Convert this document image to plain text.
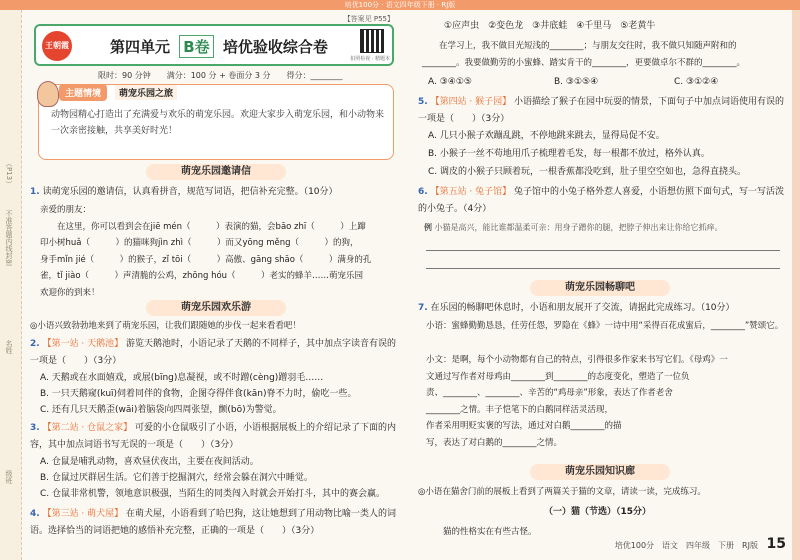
培优100分 · 语文四年级下册 · RJ版
（P13）
不准答题内线封密
名姓
级班
【答案见 P55】
王朝霞	第四单元 B卷 培优验收综合卷
拍照检视 · 精题本
限时：90 分钟　　满分：100 分 + 卷面分 3 分　　得分：________
主题情境	萌宠乐园之旅
动物园精心打造出了充满爱与欢乐的萌宠乐园。欢迎大家步入萌宠乐园，和小动物来一次亲密接触，共享美好时光！
萌宠乐园邀请信
1. 读萌宠乐园的邀请信，认真看拼音，规范写词语，把信补充完整。（10分）
亲爱的朋友：
　　在这里，你可以看到会在jiē mén（　　　）表演的猫，会bāo zhī（　　　）上蹿
印小树huǎ（　　　）的猫咪狗jìn zhì（　　　）而又yōng měng（　　　）的狗，
身手mǐn jié（　　　）的猴子，zǐ tōi（　　　）高傲、gāng shāo（　　　）满身的孔
雀，tǐ jiào（　　　）声清脆的公鸡，zhōng hóu（　　　）老实的蜂羊……萌宠乐园
欢迎你的到来！
萌宠乐园欢乐游
◎小语兴致勃勃地来到了萌宠乐园，让我们跟随她的步伐一起来看看吧！
2. 【第一站 · 天鹅池】 游览天鹅池时，小语记录了天鹅的不同样子，其中加点字读音有误的一项是（　　）（3分）
A. 天鹅或在水面嬉戏，或展(bīng)息凝视，或不时蹭(cèng)蹭羽毛……
B. 一只天鹅窥(kuī)伺着同伴的食物，企图夺得伴食(kān)脊不力时，偷吃一些。
C. 还有几只天鹅歪(wāi)着脑袋向四周张望，颤(bō)为警觉。
3. 【第二站 · 仓鼠之家】 可爱的小仓鼠吸引了小语，小语根据展板上的介绍记录了下面的内容，其中加点词语书写无误的一项是（　　）（3分）
A. 仓鼠是哺乳动物，喜欢昼伏夜出，主要在夜间活动。
B. 仓鼠过厌群居生活。它们善于挖掘洞穴，经常会躲在洞穴中睡觉。
C. 仓鼠非常机警，领地意识极强，当陌生的同类闯入时就会开始打斗，其中的赛会赢。
4. 【第三站 · 萌犬屋】 在萌犬屋，小语看到了哈巴狗，这让她想到了用动物比喻一类人的词语。选择恰当的词语把她的感悟补充完整，正确的一项是（　　）（3分）
①应声虫　②变色龙　③井底蛙　④千里马　⑤老黄牛
　　在学习上，我不做目光短浅的________；与朋友交往时，我不做只知随声附和的
________。我要做勤劳的小蜜蜂、踏实肯干的________，更要做卓尔不群的________。
A. ③④①⑤	B. ③①⑤④	C. ③①②④
5. 【第四站 · 猴子园】 小语描绘了猴子在园中玩耍的情景，下面句子中加点词语使用有误的一项是（　　）（3分）
A. 几只小猴子欢蹦乱跳，不停地跳来跳去，显得局促不安。
B. 小猴子一丝不苟地用爪子梳理着毛发，每一根都不放过，格外认真。
C. 调皮的小猴子只顾着玩，一根香蕉都没吃到，肚子里空空如也，急得直挠头。
6. 【第五站 · 兔子馆】 兔子馆中的小兔子格外惹人喜爱，小语想仿照下面句式，写一写活泼的小兔子。（4分）
例 小猫是高兴，能比谁都温柔可亲：用身子蹭你的腿，把脖子伸出来让你给它抓痒。
萌宠乐园畅聊吧
7. 在乐园的畅聊吧休息时，小语和朋友展开了交流，请据此完成练习。（10分）
小语：蜜蜂勤勤恳恳，任劳任怨，罗隐在《蜂》一诗中用“采得百花成蜜后，________”赞颂它。
小文：是啊，每个小动物都有自己的特点，引得很多作家来书写它们。《母鸡》一
文通过写作者对母鸡由________到________的态度变化，塑造了一位负
责、________、________、辛苦的“鸡母亲”形象，表达了作者老舍
________之情。丰子恺笔下的白鹅同样活灵活现，
作者采用明贬实褒的写法，通过对白鹅________的描
写，表达了对白鹅的________之情。
萌宠乐园知识廊
◎小语在猫舍门前的展板上看到了两篇关于猫的文章，请读一读，完成练习。
（一）猫（节选）（15分）
　　猫的性格实在有些古怪。
培优100分　语文　四年级　下册　RJ版 15
